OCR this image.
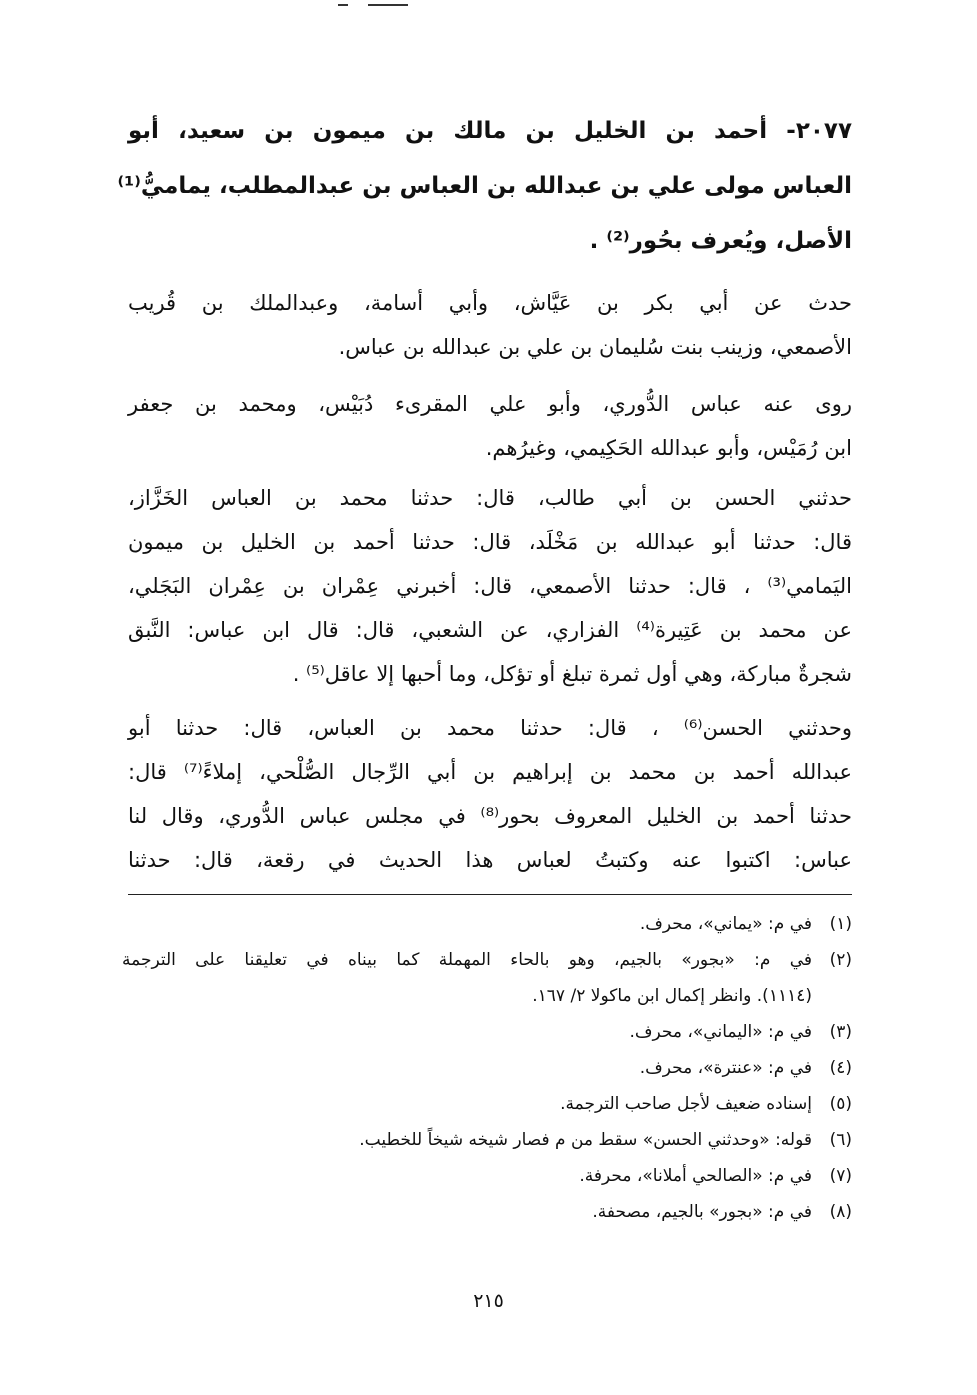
٢٠٧٧- أحمد بن الخليل بن مالك بن ميمون بن سعيد، أبو
العباس مولى علي بن عبدالله بن العباس بن عبدالمطلب، يماميُّ⁽¹⁾
الأصل، ويُعرف بحُور⁽²⁾ .
حدث عن أبي بكر بن عَيَّاش، وأبي أسامة، وعبدالملك بن قُريب
الأصمعي، وزينب بنت سُليمان بن علي بن عبدالله بن عباس.
روى عنه عباس الدُّوري، وأبو علي المقرىء دُبَيْس، ومحمد بن جعفر
ابن رُمَيْس، وأبو عبدالله الحَكِيمي، وغيرُهم.
حدثني الحسن بن أبي طالب، قال: حدثنا محمد بن العباس الخَزَّاز،
قال: حدثنا أبو عبدالله بن مَخْلَد، قال: حدثنا أحمد بن الخليل بن ميمون
اليَمامي⁽³⁾ ، قال: حدثنا الأصمعي، قال: أخبرني عِمْران بن عِمْران البَجَلي،
عن محمد بن عَتِيرة⁽⁴⁾ الفزاري، عن الشعبي، قال: قال ابن عباس: النَّبق
شجرةٌ مباركة، وهي أول ثمرة تبلغ أو تؤكل، وما أحبها إلا عاقل⁽⁵⁾ .
وحدثني الحسن⁽⁶⁾ ، قال: حدثنا محمد بن العباس، قال: حدثنا أبو
عبدالله أحمد بن محمد بن إبراهيم بن أبي الرِّجال الصُّلْحي، إملاءً⁽⁷⁾ قال:
حدثنا أحمد بن الخليل المعروف بحور⁽⁸⁾ في مجلس عباس الدُّوري، وقال لنا
عباس: اكتبوا عنه وكتبتُ لعباس هذا الحديث في رقعة، قال: حدثنا
(١)
في م: «يماني»، محرف.
(٢)
في م: «بجور» بالجيم، وهو بالحاء المهملة كما بيناه في تعليقنا على الترجمة
(١١١٤). وانظر إكمال ابن ماكولا ٢/ ١٦٧.
(٣)
في م: «اليماني»، محرف.
(٤)
في م: «عنترة»، محرف.
(٥)
إسناده ضعيف لأجل صاحب الترجمة.
(٦)
قوله: «وحدثني الحسن» سقط من م فصار شيخه شيخاً للخطيب.
(٧)
في م: «الصالحي أملانا»، محرفة.
(٨)
في م: «بجور» بالجيم، مصحفة.
٢١٥
